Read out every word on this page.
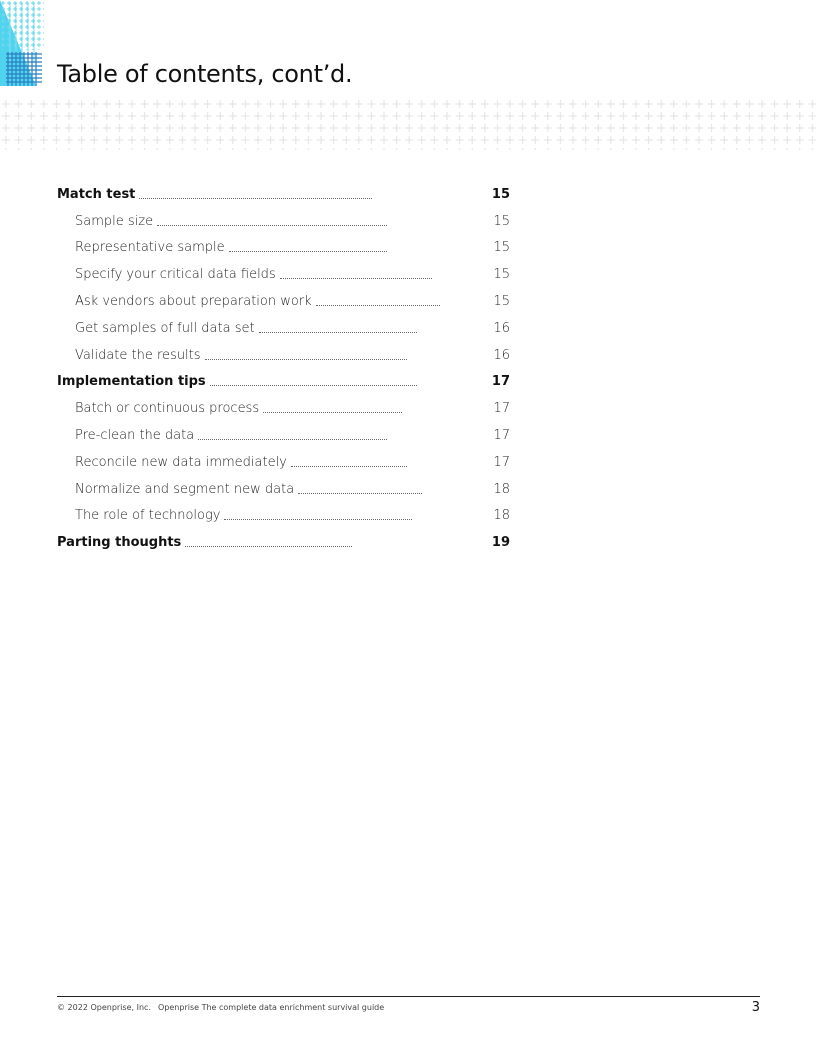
Table of contents, cont’d.
Match test	15
Sample size	15
Representative sample	15
Specify your critical data fields	15
Ask vendors about preparation work	15
Get samples of full data set	16
Validate the results	16
Implementation tips	17
Batch or continuous process	17
Pre-clean the data	17
Reconcile new data immediately	17
Normalize and segment new data	18
The role of technology	18
Parting thoughts	19
© 2022 Openprise, Inc. Openprise The complete data enrichment survival guide	3
